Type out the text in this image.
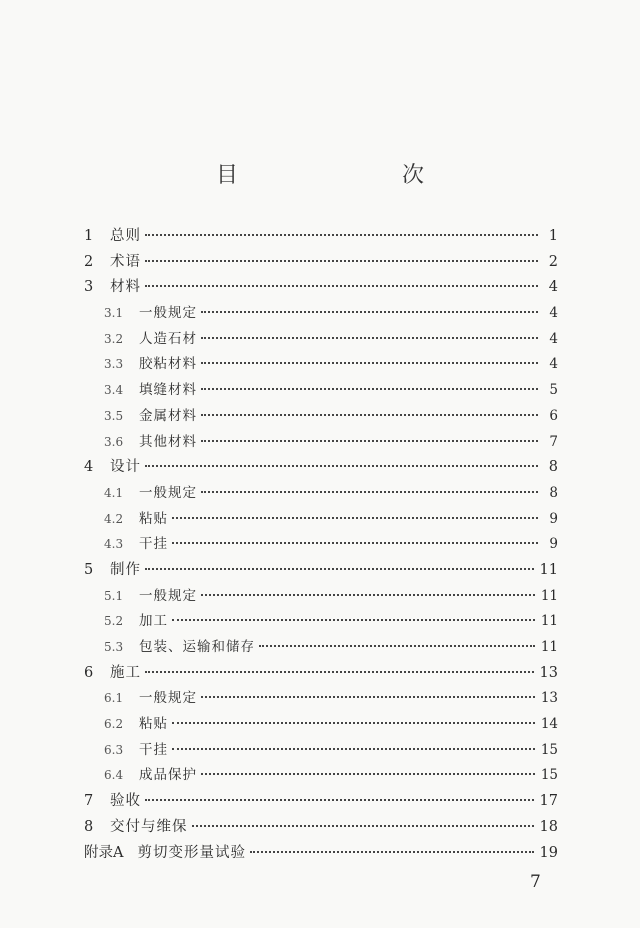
目　　次
1	总则	1
2	术语	2
3	材料	4
3.1	一般规定	4
3.2	人造石材	4
3.3	胶粘材料	4
3.4	填缝材料	5
3.5	金属材料	6
3.6	其他材料	7
4	设计	8
4.1	一般规定	8
4.2	粘贴	9
4.3	干挂	9
5	制作	11
5.1	一般规定	11
5.2	加工	11
5.3	包装、运输和储存	11
6	施工	13
6.1	一般规定	13
6.2	粘贴	14
6.3	干挂	15
6.4	成品保护	15
7	验收	17
8	交付与维保	18
附录A 剪切变形量试验	19
7
